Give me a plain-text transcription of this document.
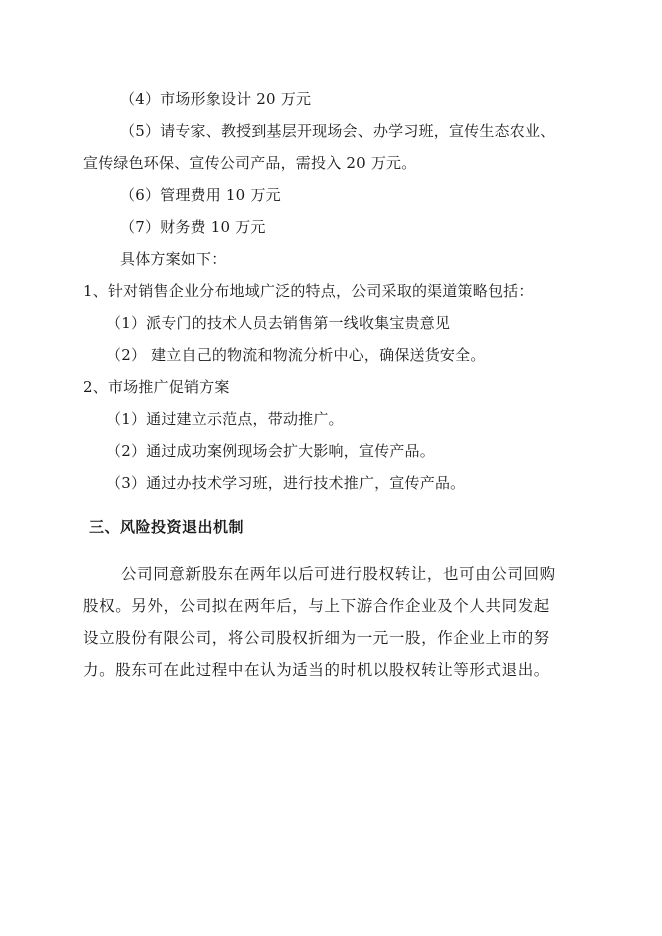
（4）市场形象设计 20 万元
（5）请专家、教授到基层开现场会、办学习班，宣传生态农业、
宣传绿色环保、宣传公司产品，需投入 20 万元。
（6）管理费用 10 万元
（7）财务费 10 万元
具体方案如下：
1、针对销售企业分布地域广泛的特点，公司采取的渠道策略包括：
（1）派专门的技术人员去销售第一线收集宝贵意见
（2） 建立自己的物流和物流分析中心，确保送货安全。
2、市场推广促销方案
（1）通过建立示范点，带动推广。
（2）通过成功案例现场会扩大影响，宣传产品。
（3）通过办技术学习班，进行技术推广，宣传产品。
三、风险投资退出机制
公司同意新股东在两年以后可进行股权转让，也可由公司回购
股权。另外，公司拟在两年后，与上下游合作企业及个人共同发起
设立股份有限公司，将公司股权折细为一元一股，作企业上市的努
力。股东可在此过程中在认为适当的时机以股权转让等形式退出。
